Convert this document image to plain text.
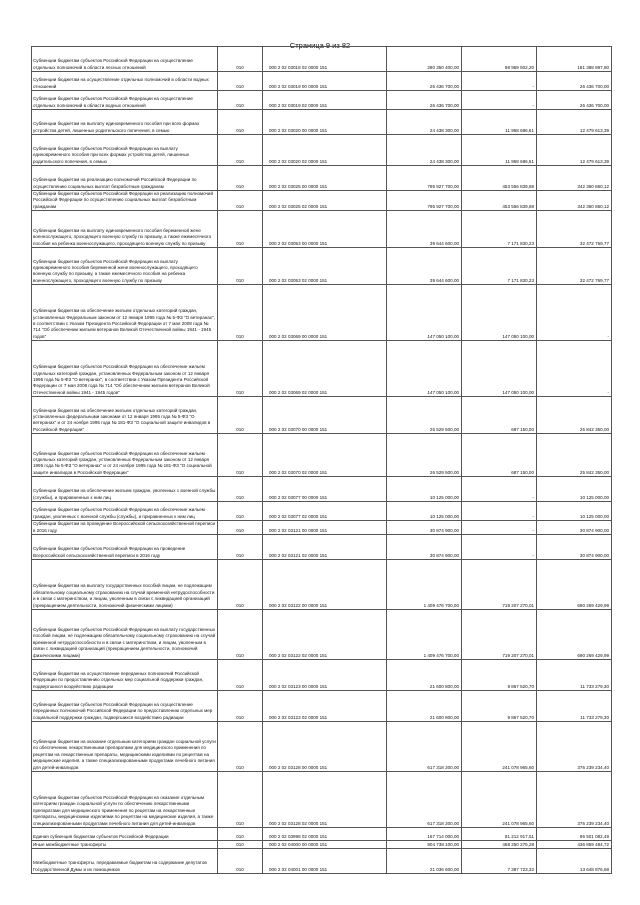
Страница 9 из 82
Субвенции бюджетам субъектов Российской Федерации на осуществление отдельных полномочий в области лесных отношений	010	000 2 02 03018 02 0000 151	280 350 400,00	98 969 502,20	181 388 897,80
Субвенции бюджетам на осуществление отдельных полномочий в области водных отношений	010	000 2 02 03019 00 0000 151	26 436 700,00	-	26 436 700,00
Субвенции бюджетам субъектов Российской Федерации на осуществление отдельных полномочий в области водных отношений	010	000 2 02 03019 02 0000 151	26 436 700,00	-	26 436 700,00
Субвенции бюджетам на выплату единовременного пособия при всех формах устройства детей, лишенных родительского попечения, в семью	010	000 2 02 03020 00 0000 151	24 438 300,00	11 958 686,61	12 479 613,39
Субвенции бюджетам субъектов Российской Федерации на выплату единовременного пособия при всех формах устройства детей, лишенных родительского попечения, в семью	010	000 2 02 03020 02 0000 151	24 438 300,00	11 958 686,61	12 479 613,39
Субвенции бюджетам на реализацию полномочий Российской Федерации по осуществлению социальных выплат безработным гражданам	010	000 2 02 03025 00 0000 151	795 927 700,00	453 556 839,88	342 360 860,12
Субвенции бюджетам субъектов Российской Федерации на реализацию полномочий Российской Федерации по осуществлению социальных выплат безработным гражданам	010	000 2 02 03025 02 0000 151	795 927 700,00	453 556 839,88	342 360 860,12
Субвенции бюджетам на выплату единовременного пособия беременной жене военнослужащего, проходящего военную службу по призыву, а также ежемесячного пособия на ребенка военнослужащего, проходящего военную службу по призыву	010	000 2 02 03053 00 0000 151	39 644 600,00	7 171 830,23	32 472 769,77
Субвенции бюджетам субъектов Российской Федерации на выплату единовременного пособия беременной жене военнослужащего, проходящего военную службу по призыву, а также ежемесячного пособия на ребенка военнослужащего, проходящего военную службу по призыву	010	000 2 02 03053 02 0000 151	39 644 600,00	7 171 830,23	32 472 769,77
Субвенции бюджетам на обеспечение жильем отдельных категорий граждан, установленных Федеральным законом от 12 января 1995 года № 5-ФЗ "О ветеранах", в соответствии с Указом Президента Российской Федерации от 7 мая 2008 года № 714 "Об обеспечении жильем ветеранов Великой Отечественной войны 1941 - 1945 годов"	010	000 2 02 03069 00 0000 151	147 050 100,00	147 050 100,00	-
Субвенции бюджетам субъектов Российской Федерации на обеспечение жильем отдельных категорий граждан, установленных Федеральным законом от 12 января 1995 года № 5-ФЗ "О ветеранах", в соответствии с Указом Президента Российской Федерации от 7 мая 2008 года № 714 "Об обеспечении жильем ветеранов Великой Отечественной войны 1941 - 1945 годов"	010	000 2 02 03069 02 0000 151	147 050 100,00	147 050 100,00	-
Субвенции бюджетам на обеспечение жильем отдельных категорий граждан, установленных федеральными законами от 12 января 1995 года № 5-ФЗ "О ветеранах" и от 24 ноября 1995 года № 181-ФЗ "О социальной защите инвалидов в Российской Федерации"	010	000 2 02 03070 00 0000 151	26 529 500,00	687 150,00	25 842 350,00
Субвенции бюджетам субъектов Российской Федерации на обеспечение жильем отдельных категорий граждан, установленных Федеральным законом от 12 января 1995 года № 5-ФЗ "О ветеранах" и от 24 ноября 1995 года № 181-ФЗ "О социальной защите инвалидов в Российской Федерации"	010	000 2 02 03070 02 0000 151	26 529 500,00	687 150,00	25 842 350,00
Субвенции бюджетам на обеспечение жильем граждан, уволенных с военной службы (службы), и приравненных к ним лиц	010	000 2 02 03077 00 0000 151	10 125 000,00	-	10 125 000,00
Субвенции бюджетам субъектов Российской Федерации на обеспечение жильем граждан, уволенных с военной службы (службы), и приравненных к ним лиц	010	000 2 02 03077 02 0000 151	10 125 000,00	-	10 125 000,00
Субвенции бюджетам на проведение Всероссийской сельскохозяйственной переписи в 2016 году	010	000 2 02 03121 00 0000 151	30 874 900,00	-	30 874 900,00
Субвенции бюджетам субъектов Российской Федерации на проведение Всероссийской сельскохозяйственной переписи в 2016 году	010	000 2 02 03121 02 0000 151	30 874 900,00	-	30 874 900,00
Субвенции бюджетам на выплату государственных пособий лицам, не подлежащим обязательному социальному страхованию на случай временной нетрудоспособности и в связи с материнством, и лицам, уволенным в связи с ликвидацией организаций (прекращением деятельности, полномочий физическими лицами)	010	000 2 02 03122 00 0000 151	1 409 476 700,00	719 207 270,01	690 269 429,99
Субвенции бюджетам субъектов Российской Федерации на выплату государственных пособий лицам, не подлежащим обязательному социальному страхованию на случай временной нетрудоспособности и в связи с материнством, и лицам, уволенным в связи с ликвидацией организаций (прекращением деятельности, полномочий физическими лицами)	010	000 2 02 03122 02 0000 151	1 409 476 700,00	719 207 270,01	690 269 429,99
Субвенции бюджетам на осуществление переданных полномочий Российской Федерации по предоставлению отдельных мер социальной поддержки граждан, подвергшихся воздействию радиации	010	000 2 02 03123 00 0000 151	21 600 800,00	9 867 520,70	11 733 279,30
Субвенции бюджетам субъектов Российской Федерации на осуществление переданных полномочий Российской Федерации по предоставлению отдельных мер социальной поддержки граждан, подвергшихся воздействию радиации	010	000 2 02 03123 02 0000 151	21 600 800,00	9 867 520,70	11 733 279,30
Субвенции бюджетам на оказание отдельным категориям граждан социальной услуги по обеспечению лекарственными препаратами для медицинского применения по рецептам на лекарственные препараты, медицинскими изделиями по рецептам на медицинские изделия, а также специализированными продуктами лечебного питания для детей-инвалидов	010	000 2 02 03128 00 0000 151	617 318 200,00	241 078 965,60	376 239 234,40
Субвенции бюджетам субъектов Российской Федерации на оказание отдельным категориям граждан социальной услуги по обеспечению лекарственными препаратами для медицинского применения по рецептам на лекарственные препараты, медицинскими изделиями по рецептам на медицинские изделия, а также специализированными продуктами лечебного питания для детей-инвалидов	010	000 2 02 03128 02 0000 151	617 318 200,00	241 078 965,60	376 239 234,40
Единая субвенция бюджетам субъектов Российской Федерации	010	000 2 02 03998 02 0000 151	167 714 000,00	81 212 917,51	86 501 082,49
Иные межбюджетные трансферты	010	000 2 02 04000 00 0000 151	904 738 100,00	468 250 275,28	436 859 484,72
Межбюджетные трансферты, передаваемые бюджетам на содержание депутатов Государственной Думы и их помощников	010	000 2 02 04001 00 0000 151	21 036 600,00	7 387 723,32	13 648 876,68
